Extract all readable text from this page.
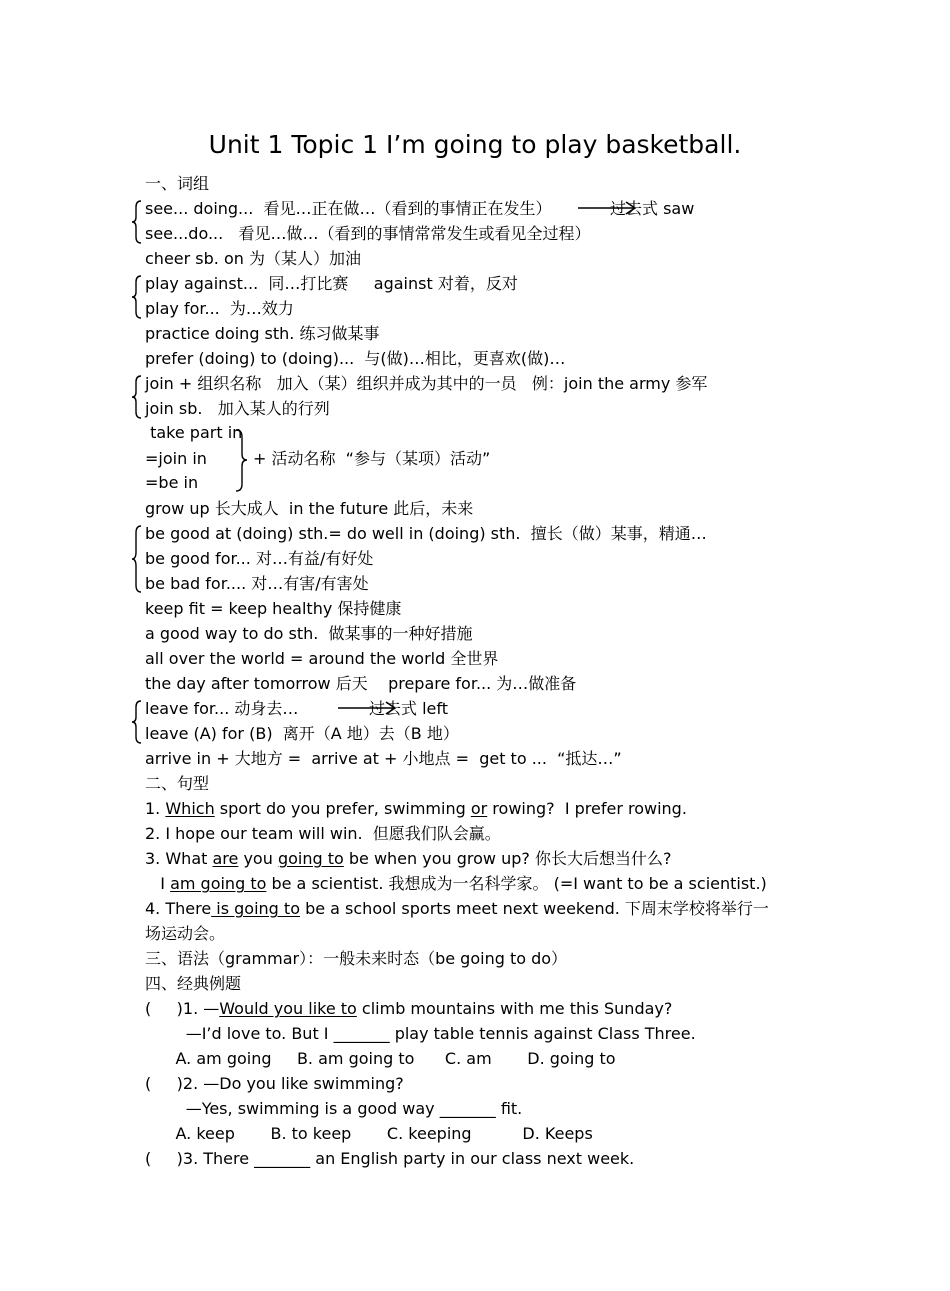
Unit 1 Topic 1 I’m going to play basketball.
一、词组
see... doing...  看见…正在做…（看到的事情正在发生）	过去式 saw
see...do...   看见…做…（看到的事情常常发生或看见全过程）
cheer sb. on 为（某人）加油
play against...  同…打比赛     against 对着，反对
play for...  为…效力
practice doing sth. 练习做某事
prefer (doing) to (doing)...  与(做)…相比，更喜欢(做)…
join + 组织名称   加入（某）组织并成为其中的一员   例：join the army 参军
join sb.   加入某人的行列
take part in
=join in	+ 活动名称  “参与（某项）活动”
=be in
grow up 长大成人  in the future 此后，未来
be good at (doing) sth.= do well in (doing) sth.  擅长（做）某事，精通…
be good for... 对…有益/有好处
be bad for.... 对…有害/有害处
keep fit = keep healthy 保持健康
a good way to do sth.  做某事的一种好措施
all over the world = around the world 全世界
the day after tomorrow 后天    prepare for... 为…做准备
leave for... 动身去…	过去式 left
leave (A) for (B)  离开（A 地）去（B 地）
arrive in + 大地方 =  arrive at + 小地点 =  get to ...  “抵达…”
二、句型
1. Which sport do you prefer, swimming or rowing?  I prefer rowing.
2. I hope our team will win.  但愿我们队会赢。
3. What are you going to be when you grow up? 你长大后想当什么?
I am going to be a scientist. 我想成为一名科学家。 (=I want to be a scientist.)
4. There is going to be a school sports meet next weekend. 下周末学校将举行一
场运动会。
三、语法（grammar）：一般未来时态（be going to do）
四、经典例题
(     )1. —Would you like to climb mountains with me this Sunday?
—I’d love to. But I _______ play table tennis against Class Three.
A. am going     B. am going to      C. am       D. going to
(     )2. —Do you like swimming?
—Yes, swimming is a good way _______ fit.
A. keep       B. to keep       C. keeping          D. Keeps
(     )3. There _______ an English party in our class next week.
